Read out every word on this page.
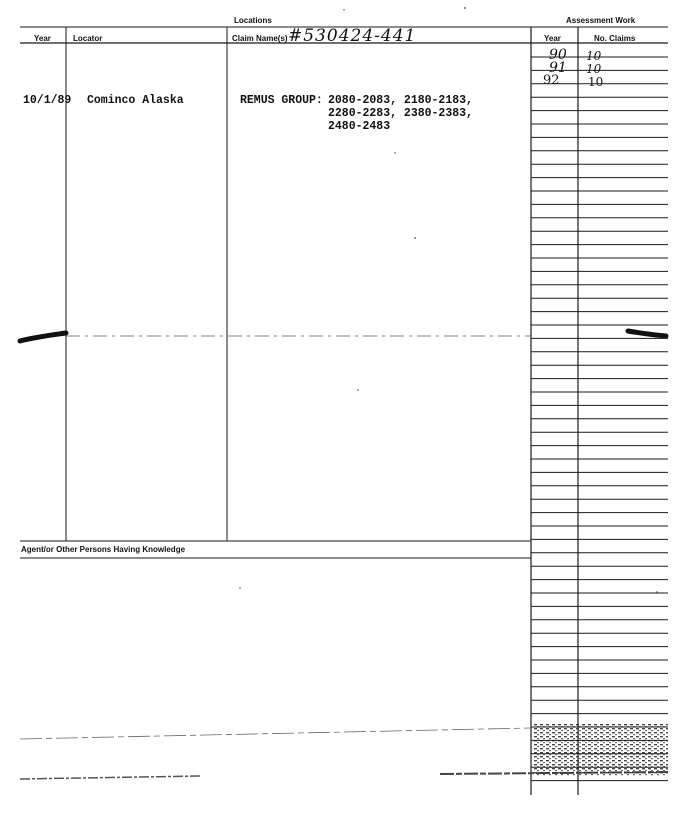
Locations	Assessment Work
Year	Locator	Claim Name(s)	Year	No. Claims
#530424-441
10/1/89 Cominco Alaska	REMUS GROUP: 2080-2083, 2180-2183,
2280-2283, 2380-2383,
2480-2483
90 10
91 10
92 10
Agent/or Other Persons Having Knowledge
